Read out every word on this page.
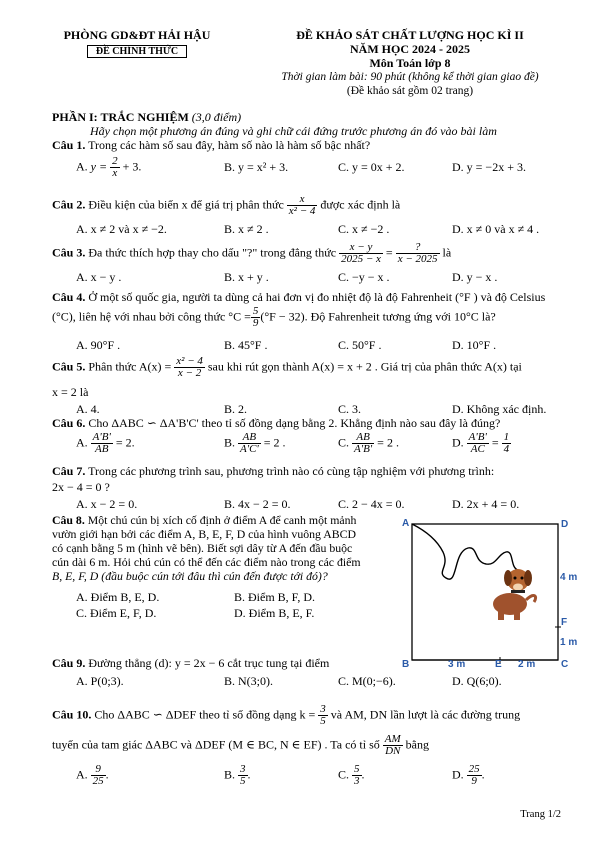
PHÒNG GD&ĐT HẢI HẬU
ĐỀ CHÍNH THỨC
ĐỀ KHẢO SÁT CHẤT LƯỢNG HỌC KÌ II
NĂM HỌC 2024 - 2025
Môn Toán lớp 8
Thời gian làm bài: 90 phút (không kể thời gian giao đề)
(Đề khảo sát gồm 02 trang)
PHẦN I: TRẮC NGHIỆM (3,0 điểm)
Hãy chọn một phương án đúng và ghi chữ cái đứng trước phương án đó vào bài làm
Câu 1. Trong các hàm số sau đây, hàm số nào là hàm số bậc nhất?
A. $y = \frac{2}{x} + 3$.	B. y = x² + 3.	C. y = 0x + 2.	D. y = −2x + 3.
Câu 2. Điều kiện của biến x để giá trị phân thức $\frac{x}{\text{x² − 4}}$ được xác định là
A. x ≠ 2 và x ≠ −2.	B. x ≠ 2 .	C. x ≠ −2 .	D. x ≠ 0 và x ≠ 4 .
Câu 3. Đa thức thích hợp thay cho dấu "?" trong đẳng thức $\frac{x - y}{2025 - x}$ =	?
x − 2025 là
A. x − y .	B. x + y .	C. −y − x .	D. y − x .
Câu 4. Ở một số quốc gia, người ta dùng cả hai đơn vị đo nhiệt độ là độ Fahrenheit (°F ) và độ Celsius
(°C), liên hệ với nhau bởi công thức $^\circ C = \frac{5}{9} (^\circ F - 32)$. Độ Fahrenheit tương ứng với 10°C là?
A. 90°F .	B. 45°F .	C. 50°F .	D. 10°F .
Câu 5. Phân thức $A(x) = \frac{\text{x² − 4}}{x - 2}$ sau khi rút gọn thành A(x) = x + 2 . Giá trị của phân thức A(x) tại
x = 2 là
A. 4.	B. 2.	C. 3.	D. Không xác định.
Câu 6. Cho ΔABC ∽ ΔA'B'C' theo tỉ số đồng dạng bằng 2. Khẳng định nào sau đây là đúng?
A. $\frac{A'B'}{AB} = 2$.	B. $\frac{AB}{A'C'} = 2$ .	C. $\frac{AB}{A'B'} = 2$ .	D. $\frac{A'B'}{AC} = \frac{1}{4}$
Câu 7. Trong các phương trình sau, phương trình nào có cùng tập nghiệm với phương trình:
2x − 4 = 0 ?
A. x − 2 = 0.	B. 4x − 2 = 0.	C. 2 − 4x = 0.	D. 2x + 4 = 0.
Câu 8. Một chú cún bị xích cố định ở điểm A để canh một mảnh
vườn giới hạn bởi các điểm A, B, E, F, D của hình vuông ABCD
có cạnh bằng 5 m (hình vẽ bên). Biết sợi dây từ A đến đầu buộc
cún dài 6 m. Hỏi chú cún có thể đến các điểm nào trong các điểm
B, E, F, D (đầu buộc cún tới đâu thì cún đến được tới đó)?
A. Điểm B, E, D.	B. Điểm B, F, D.
C. Điểm E, F, D.	D. Điểm B, E, F.
A	D
B	C
E
F
3 m	2 m
4 m
1 m
Câu 9. Đường thẳng (d): y = 2x − 6 cắt trục tung tại điểm
A. P(0;3).	B. N(3;0).	C. M(0;−6).	D. Q(6;0).
Câu 10. Cho ΔABC ∽ ΔDEF theo tỉ số đồng dạng $k = \frac{3}{5}$ và AM, DN lần lượt là các đường trung
tuyến của tam giác ΔABC và ΔDEF (M ∈ BC, N ∈ EF) . Ta có tỉ số $\frac{AM}{DN}$ bằng
A. $\frac{9}{25}$ .	B. $\frac{3}{5}$ .	C. $\frac{5}{3}$ .	D. $\frac{25}{9}$ .
Trang 1/2
